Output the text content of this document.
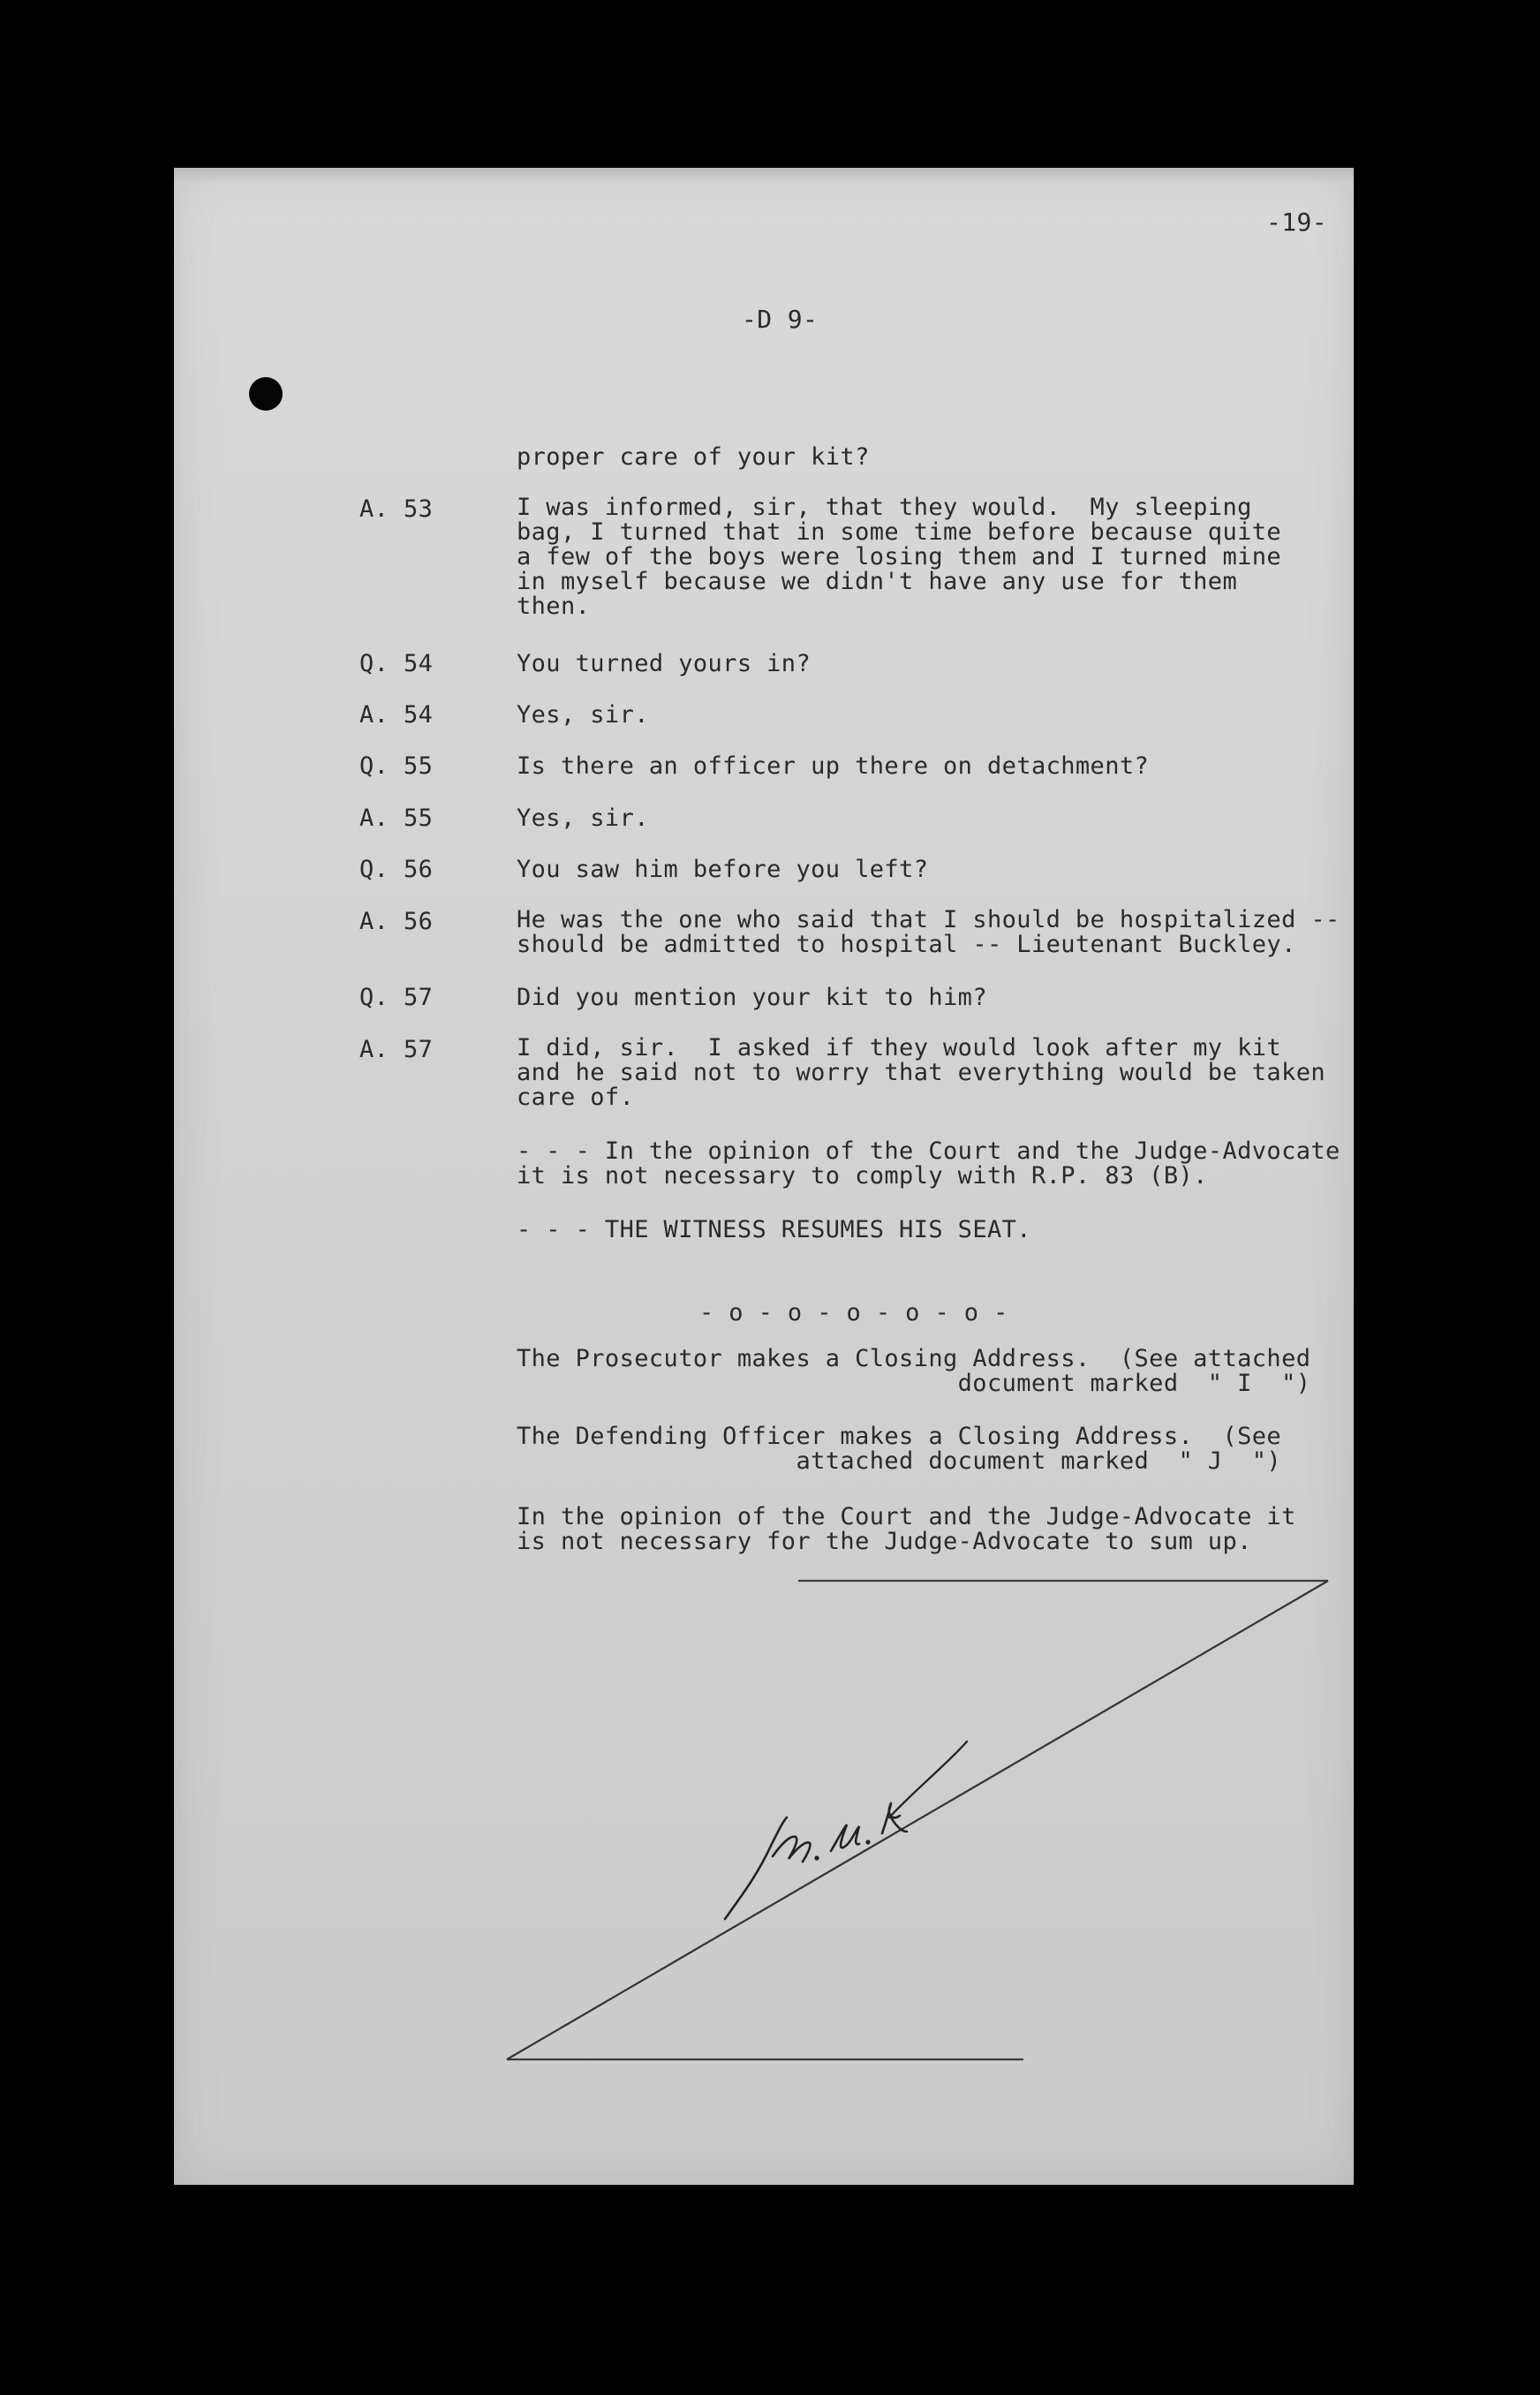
-19-
-D 9-
proper care of your kit?
A. 53	I was informed, sir, that they would.  My sleeping
bag, I turned that in some time before because quite
a few of the boys were losing them and I turned mine
in myself because we didn't have any use for them
then.
Q. 54	You turned yours in?
A. 54	Yes, sir.
Q. 55	Is there an officer up there on detachment?
A. 55	Yes, sir.
Q. 56	You saw him before you left?
A. 56	He was the one who said that I should be hospitalized --
should be admitted to hospital -- Lieutenant Buckley.
Q. 57	Did you mention your kit to him?
A. 57	I did, sir.  I asked if they would look after my kit
and he said not to worry that everything would be taken
care of.
- - - In the opinion of the Court and the Judge-Advocate
it is not necessary to comply with R.P. 83 (B).
- - - THE WITNESS RESUMES HIS SEAT.
- o - o - o - o - o -
The Prosecutor makes a Closing Address.  (See attached
document marked  " I  ")
The Defending Officer makes a Closing Address.  (See
attached document marked  " J  ")
In the opinion of the Court and the Judge-Advocate it
is not necessary for the Judge-Advocate to sum up.
